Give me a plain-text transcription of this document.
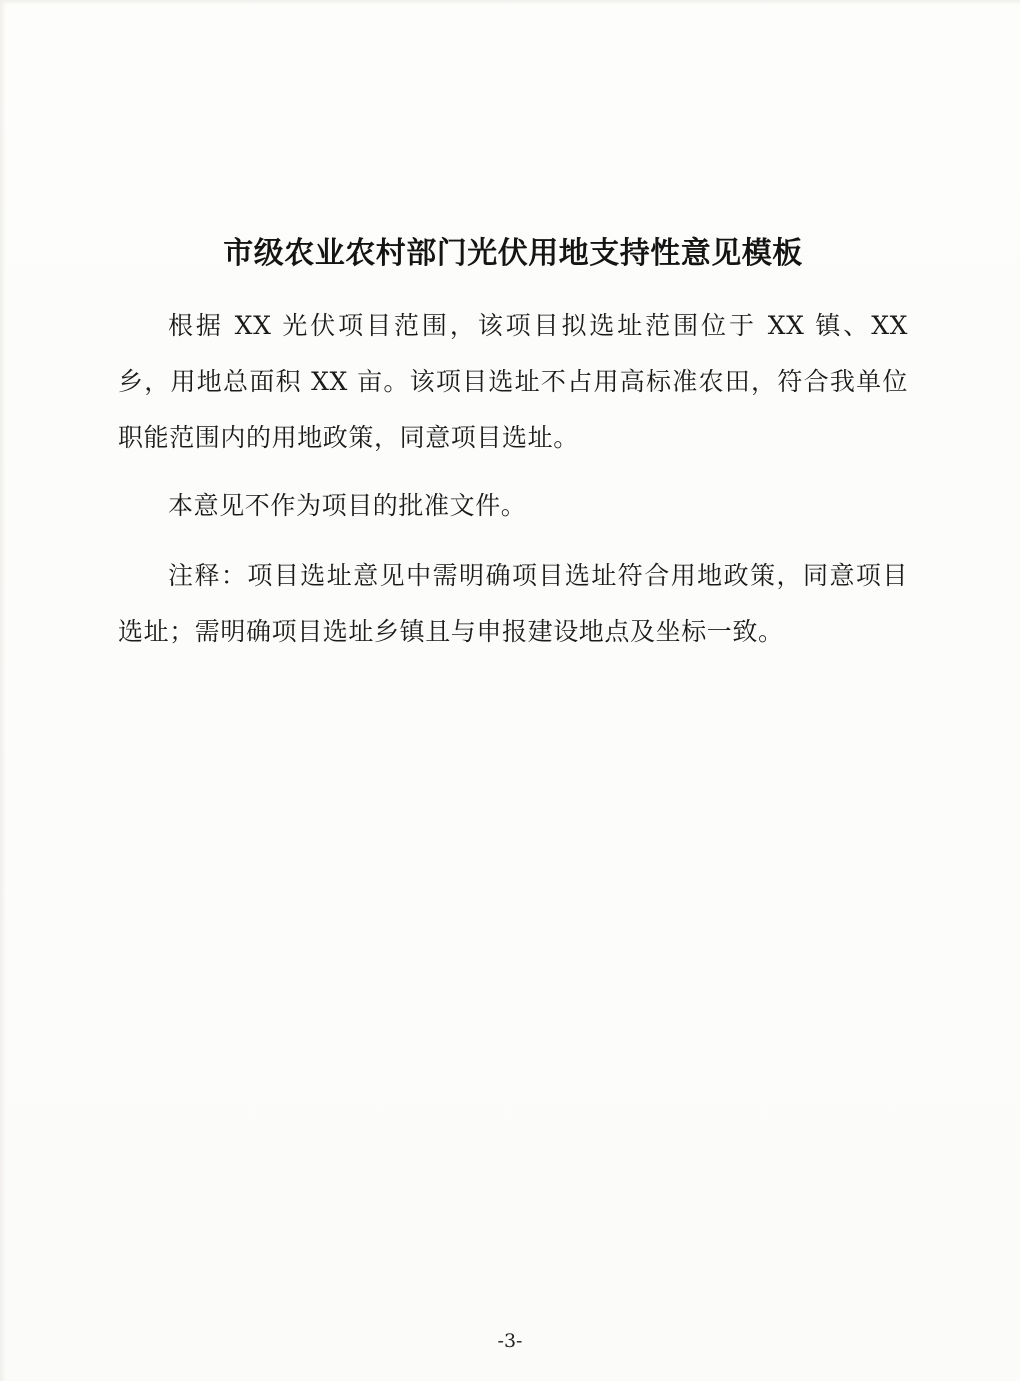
市级农业农村部门光伏用地支持性意见模板

根据 XX 光伏项目范围，该项目拟选址范围位于 XX 镇、XX 乡，用地总面积 XX 亩。该项目选址不占用高标准农田，符合我单位职能范围内的用地政策，同意项目选址。

本意见不作为项目的批准文件。

注释：项目选址意见中需明确项目选址符合用地政策，同意项目选址；需明确项目选址乡镇且与申报建设地点及坐标一致。

-3-
